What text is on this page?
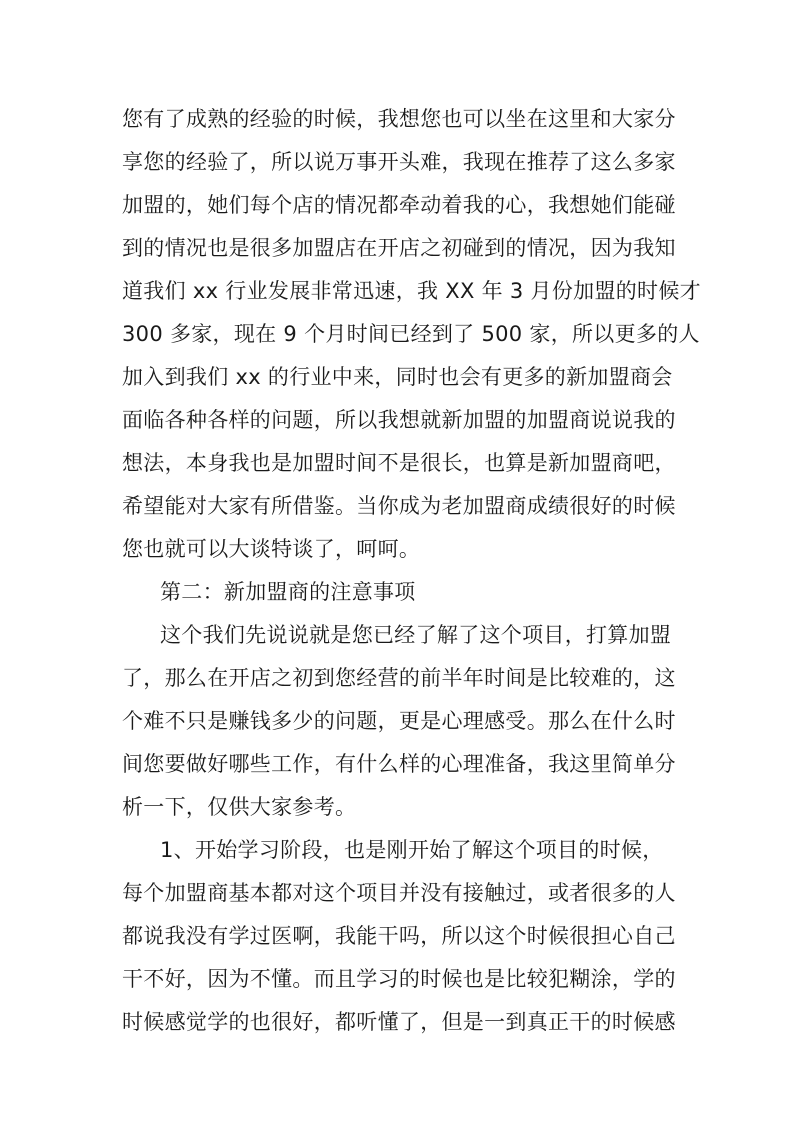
您有了成熟的经验的时候，我想您也可以坐在这里和大家分
享您的经验了，所以说万事开头难，我现在推荐了这么多家
加盟的，她们每个店的情况都牵动着我的心，我想她们能碰
到的情况也是很多加盟店在开店之初碰到的情况，因为我知
道我们 xx 行业发展非常迅速，我 XX 年 3 月份加盟的时候才
300 多家，现在 9 个月时间已经到了 500 家，所以更多的人
加入到我们 xx 的行业中来，同时也会有更多的新加盟商会
面临各种各样的问题，所以我想就新加盟的加盟商说说我的
想法，本身我也是加盟时间不是很长，也算是新加盟商吧，
希望能对大家有所借鉴。当你成为老加盟商成绩很好的时候
您也就可以大谈特谈了，呵呵。
第二：新加盟商的注意事项
这个我们先说说就是您已经了解了这个项目，打算加盟
了，那么在开店之初到您经营的前半年时间是比较难的，这
个难不只是赚钱多少的问题，更是心理感受。那么在什么时
间您要做好哪些工作，有什么样的心理准备，我这里简单分
析一下，仅供大家参考。
1、开始学习阶段，也是刚开始了解这个项目的时候，
每个加盟商基本都对这个项目并没有接触过，或者很多的人
都说我没有学过医啊，我能干吗，所以这个时候很担心自己
干不好，因为不懂。而且学习的时候也是比较犯糊涂，学的
时候感觉学的也很好，都听懂了，但是一到真正干的时候感
